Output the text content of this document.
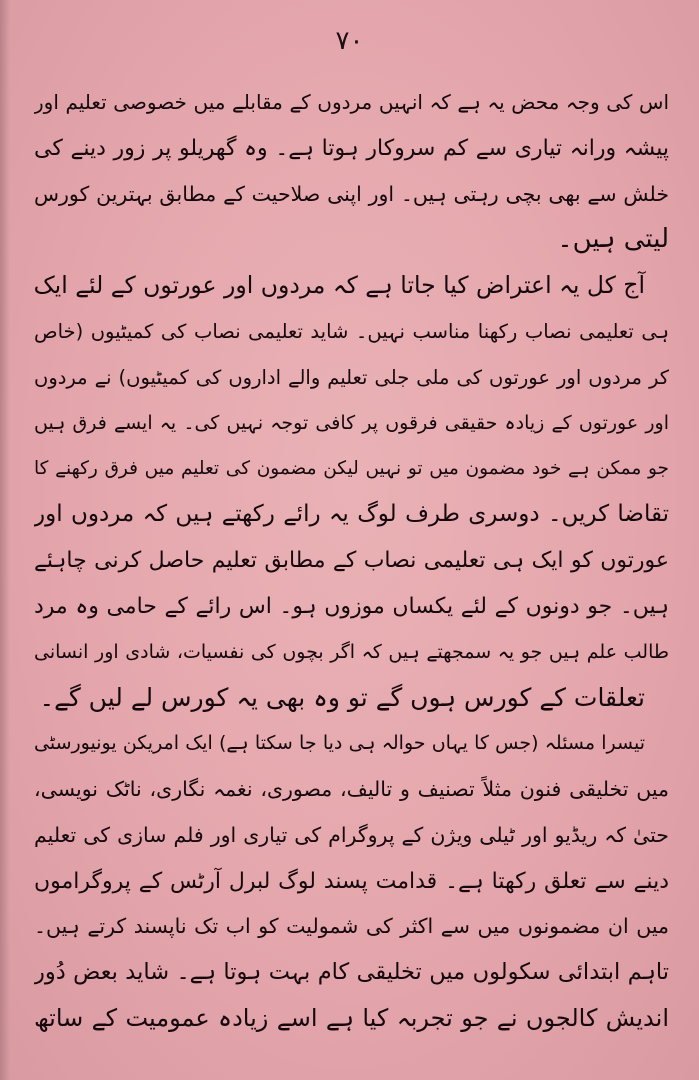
۷۰

اس کی وجہ محض یہ ہے کہ انہیں مردوں کے مقابلے میں خصوصی تعلیم اور
پیشہ ورانہ تیاری سے کم سروکار ہوتا ہے۔ وہ گھریلو پر زور دینے کی
خلش سے بھی بچی رہتی ہیں۔ اور اپنی صلاحیت کے مطابق بہترین کورس
لیتی ہیں۔

آج کل یہ اعتراض کیا جاتا ہے کہ مردوں اور عورتوں کے لئے ایک
ہی تعلیمی نصاب رکھنا مناسب نہیں۔ شاید تعلیمی نصاب کی کمیٹیوں (خاص
کر مردوں اور عورتوں کی ملی جلی تعلیم والے اداروں کی کمیٹیوں) نے مردوں
اور عورتوں کے زیادہ حقیقی فرقوں پر کافی توجہ نہیں کی۔ یہ ایسے فرق ہیں
جو ممکن ہے خود مضمون میں تو نہیں لیکن مضمون کی تعلیم میں فرق رکھنے کا
تقاضا کریں۔ دوسری طرف لوگ یہ رائے رکھتے ہیں کہ مردوں اور
عورتوں کو ایک ہی تعلیمی نصاب کے مطابق تعلیم حاصل کرنی چاہئے
ہیں۔ جو دونوں کے لئے یکساں موزوں ہو۔ اس رائے کے حامی وہ مرد
طالب علم ہیں جو یہ سمجھتے ہیں کہ اگر بچوں کی نفسیات، شادی اور انسانی
تعلقات کے کورس ہوں گے تو وہ بھی یہ کورس لے لیں گے۔

تیسرا مسئلہ (جس کا یہاں حوالہ ہی دیا جا سکتا ہے) ایک امریکن یونیورسٹی
میں تخلیقی فنون مثلاً تصنیف و تالیف، مصوری، نغمہ نگاری، ناٹک نویسی،
حتیٰ کہ ریڈیو اور ٹیلی ویژن کے پروگرام کی تیاری اور فلم سازی کی تعلیم
دینے سے تعلق رکھتا ہے۔ قدامت پسند لوگ لبرل آرٹس کے پروگراموں
میں ان مضمونوں میں سے اکثر کی شمولیت کو اب تک ناپسند کرتے ہیں۔
تاہم ابتدائی سکولوں میں تخلیقی کام بہت ہوتا ہے۔ شاید بعض دُور
اندیش کالجوں نے جو تجربہ کیا ہے اسے زیادہ عمومیت کے ساتھ
